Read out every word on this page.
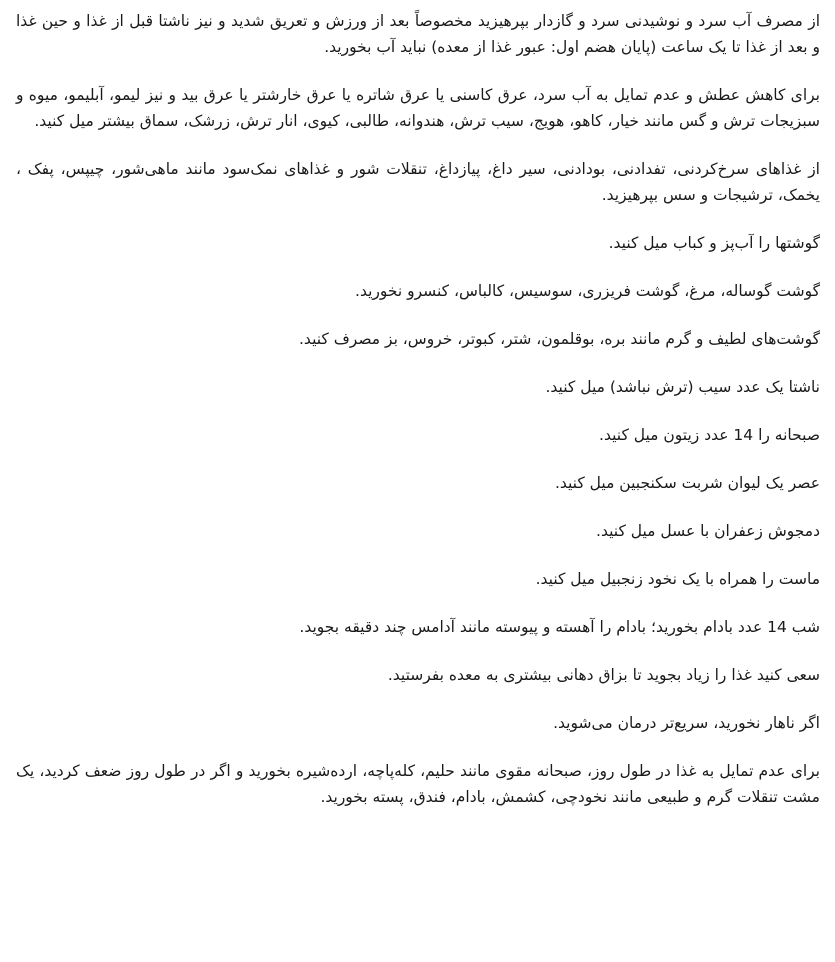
از مصرف آب سرد و نوشیدنی سرد و گازدار بپرهیزید مخصوصاً بعد از ورزش و تعریق شدید و نیز ناشتا قبل از غذا و حین غذا و بعد از غذا تا یک ساعت (پایان هضم اول: عبور غذا از معده) نباید آب بخورید.

برای کاهش عطش و عدم تمایل به آب سرد، عرق کاسنی یا عرق شاتره یا عرق خارشتر یا عرق بید و نیز لیمو، آبلیمو، میوه و سبزیجات ترش و گس مانند خیار، کاهو، هویج، سیب ترش، هندوانه، طالبی، کیوی، انار ترش، زرشک، سماق بیشتر میل کنید.

از غذاهای سرخ‌کردنی، تفدادنی، بودادنی، سیر داغ، پیازداغ، تنقلات شور و غذاهای نمک‌سود مانند ماهی‌شور، چیپس، پفک ، یخمک، ترشیجات و سس بپرهیزید.

گوشتها را آب‌پز و کباب میل کنید.

گوشت گوساله، مرغ، گوشت فریزری، سوسیس، کالباس، کنسرو نخورید.

گوشت‌های لطیف و گرم مانند بره، بوقلمون، شتر، کبوتر، خروس، بز مصرف کنید.

ناشتا یک عدد سیب (ترش نباشد) میل کنید.

صبحانه را 14 عدد زیتون میل کنید.

عصر یک لیوان شربت سکنجبین میل کنید.

دمجوش زعفران با عسل میل کنید.

ماست را همراه با یک نخود زنجبیل میل کنید.

شب 14 عدد بادام بخورید؛ بادام را آهسته و پیوسته مانند آدامس چند دقیقه بجوید.

سعی کنید غذا را زیاد بجوید تا بزاق دهانی بیشتری به معده بفرستید.

اگر ناهار نخورید، سریع‌تر درمان می‌شوید.

برای عدم تمایل به غذا در طول روز، صبحانه مقوی مانند حلیم، کله‌پاچه، ارده‌شیره بخورید و اگر در طول روز ضعف کردید، یک مشت تنقلات گرم و طبیعی مانند نخودچی، کشمش، بادام، فندق، پسته بخورید.
